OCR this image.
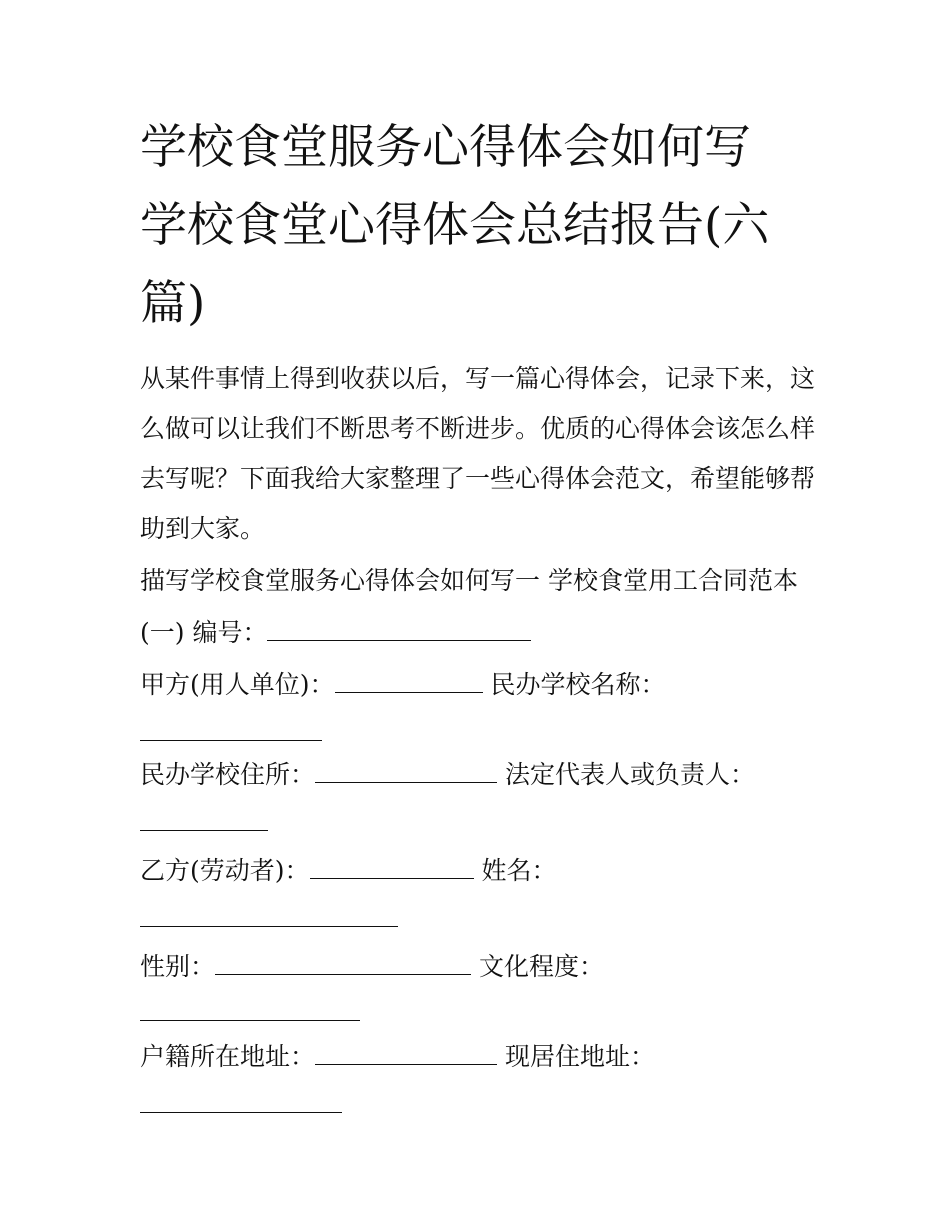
学校食堂服务心得体会如何写
学校食堂心得体会总结报告(六
篇)
从某件事情上得到收获以后，写一篇心得体会，记录下来，这
么做可以让我们不断思考不断进步。优质的心得体会该怎么样
去写呢？下面我给大家整理了一些心得体会范文，希望能够帮
助到大家。
描写学校食堂服务心得体会如何写一 学校食堂用工合同范本
(一) 编号：
甲方(用人单位)：	民办学校名称：
民办学校住所：	法定代表人或负责人：
乙方(劳动者)：	姓名：
性别：	文化程度：
户籍所在地址：	现居住地址：
